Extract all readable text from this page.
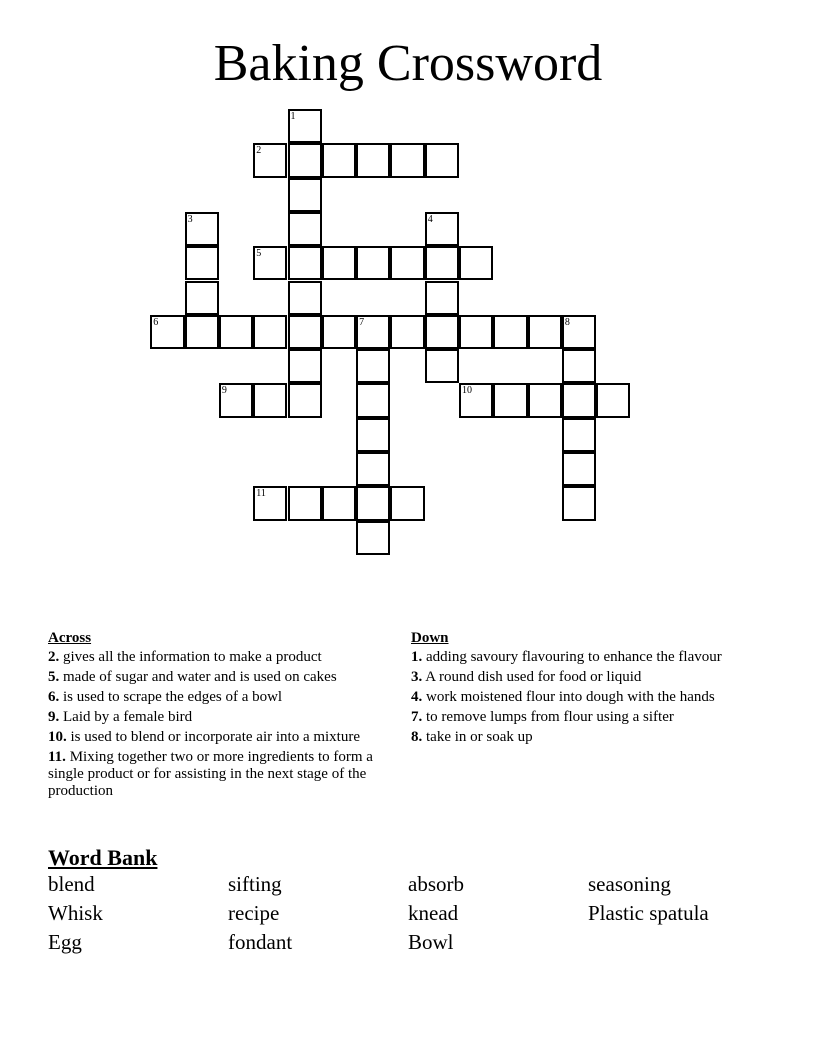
Baking Crossword
1
2
3	4
5
6	7	8
9	10
11
Across
2. gives all the information to make a product
5. made of sugar and water and is used on cakes
6. is used to scrape the edges of a bowl
9. Laid by a female bird
10. is used to blend or incorporate air into a mixture
11. Mixing together two or more ingredients to form a single product or for assisting in the next stage of the production
Down
1. adding savoury flavouring to enhance the flavour
3. A round dish used for food or liquid
4. work moistened flour into dough with the hands
7. to remove lumps from flour using a sifter
8. take in or soak up
Word Bank
blend	sifting	absorb	seasoning
Whisk	recipe	knead	Plastic spatula
Egg	fondant	Bowl
